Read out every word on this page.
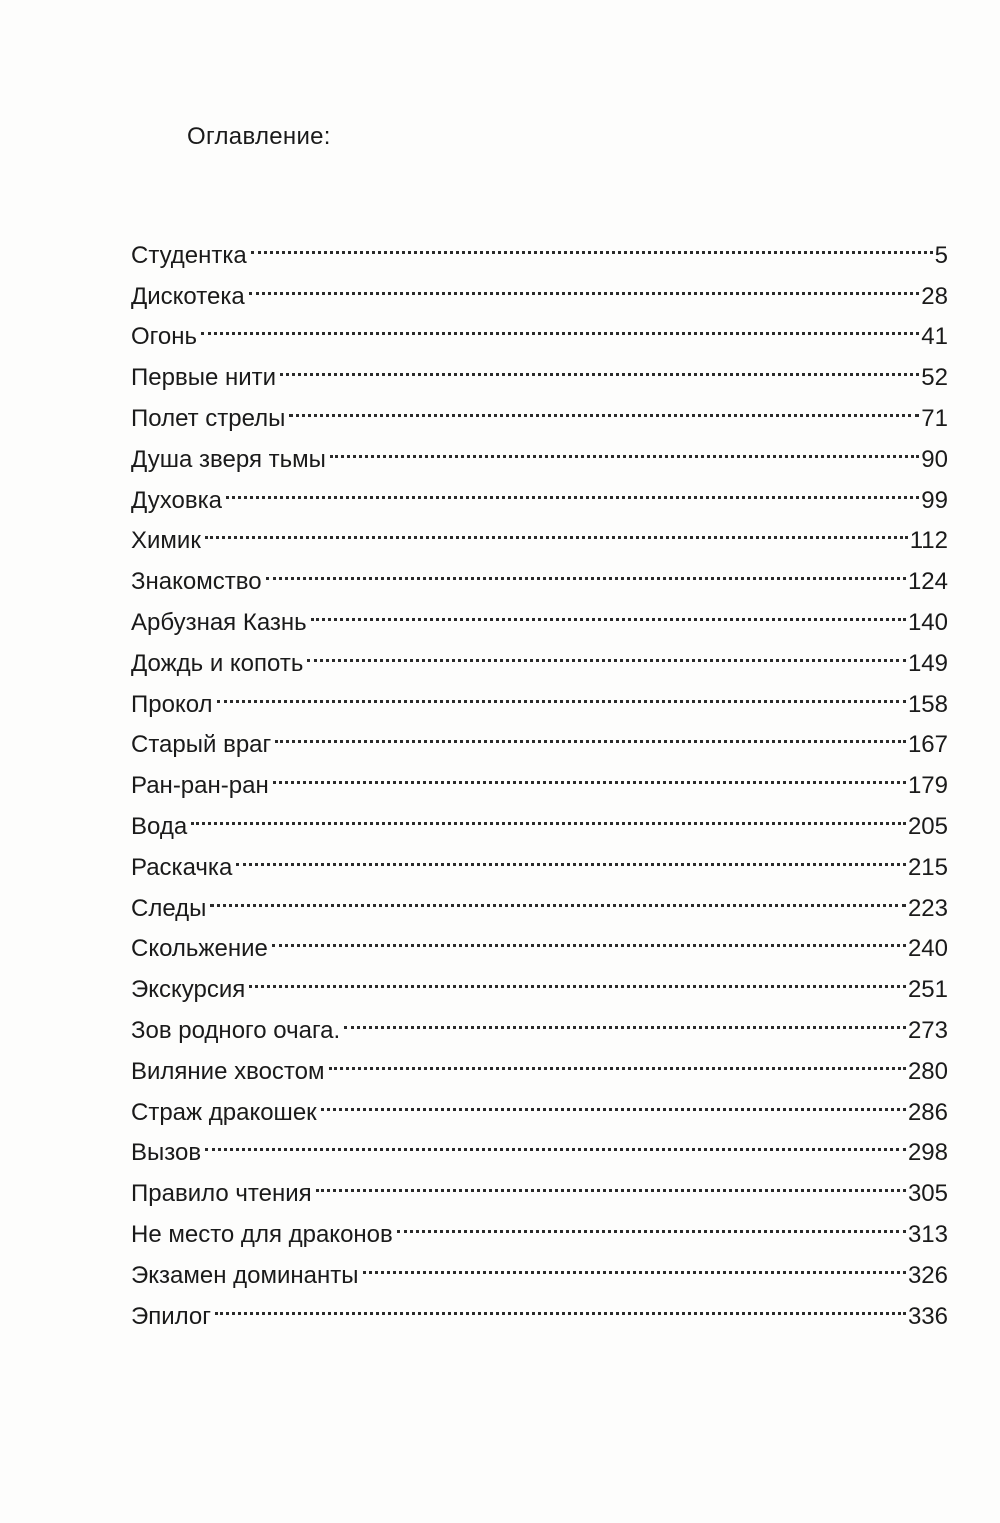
Оглавление:
Студентка	5
Дискотека	28
Огонь	41
Первые нити	52
Полет стрелы	71
Душа зверя тьмы	90
Духовка	99
Химик	112
Знакомство	124
Арбузная Казнь	140
Дождь и копоть	149
Прокол	158
Старый враг	167
Ран-ран-ран	179
Вода	205
Раскачка	215
Следы	223
Скольжение	240
Экскурсия	251
Зов родного очага.	273
Виляние хвостом	280
Страж дракошек	286
Вызов	298
Правило чтения	305
Не место для драконов	313
Экзамен доминанты	326
Эпилог	336
